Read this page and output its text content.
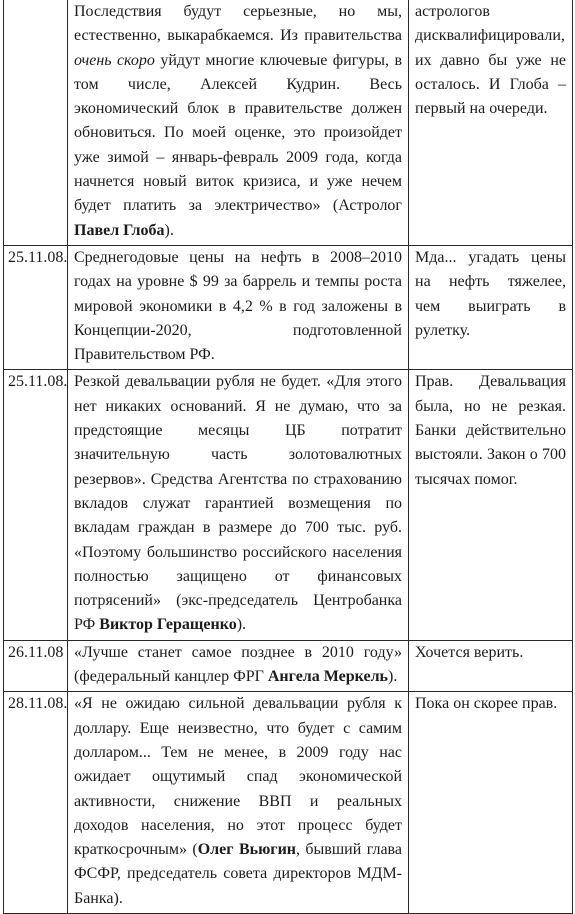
	Последствия будут серьезные, но мы, естественно, выкарабкаемся. Из правительства очень скоро уйдут многие ключевые фигуры, в том числе, Алексей Кудрин. Весь экономический блок в правительстве должен обновиться. По моей оценке, это произойдет уже зимой – январь-февраль 2009 года, когда начнется новый виток кризиса, и уже нечем будет платить за электричество» (Астролог Павел Глоба).	астрологов дисквалифицировали, их давно бы уже не осталось. И Глоба – первый на очереди.
25.11.08.	Среднегодовые цены на нефть в 2008–2010 годах на уровне $ 99 за баррель и темпы роста мировой экономики в 4,2 % в год заложены в Концепции-2020, подготовленной Правительством РФ.	Мда... угадать цены на нефть тяжелее, чем выиграть в рулетку.
25.11.08.	Резкой девальвации рубля не будет. «Для этого нет никаких оснований. Я не думаю, что за предстоящие месяцы ЦБ потратит значительную часть золотовалютных резервов». Средства Агентства по страхованию вкладов служат гарантией возмещения по вкладам граждан в размере до 700 тыс. руб. «Поэтому большинство российского населения полностью защищено от финансовых потрясений» (экс-председатель Центробанка РФ Виктор Геращенко).	Прав. Девальвация была, но не резкая. Банки действительно выстояли. Закон о 700 тысячах помог.
26.11.08	«Лучше станет самое позднее в 2010 году» (федеральный канцлер ФРГ Ангела Меркель).	Хочется верить.
28.11.08.	«Я не ожидаю сильной девальвации рубля к доллару. Еще неизвестно, что будет с самим долларом... Тем не менее, в 2009 году нас ожидает ощутимый спад экономической активности, снижение ВВП и реальных доходов населения, но этот процесс будет краткосрочным» (Олег Вьюгин, бывший глава ФСФР, председатель совета директоров МДМ-Банка).	Пока он скорее прав.
